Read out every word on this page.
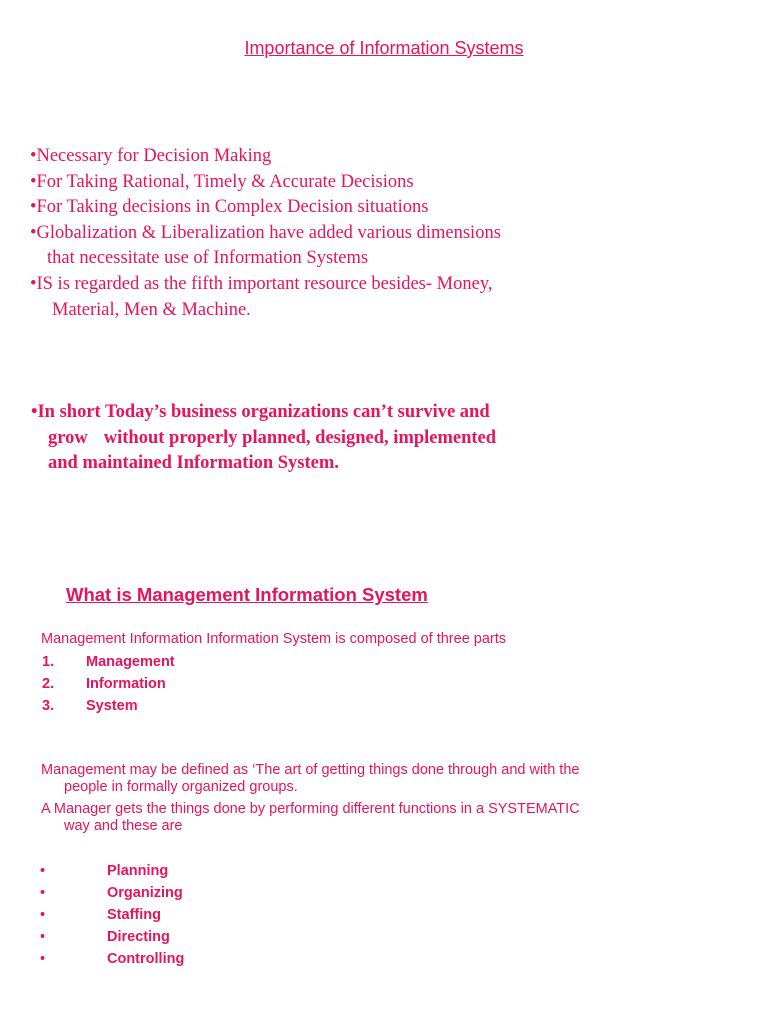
Importance of Information Systems
•Necessary for Decision Making
•For Taking Rational, Timely & Accurate Decisions
•For Taking decisions in Complex Decision situations
•Globalization & Liberalization have added various dimensions
that necessitate use of Information Systems
•IS is regarded as the fifth important resource besides- Money,
Material, Men & Machine.
•In short Today’s business organizations can’t survive and
grow without properly planned, designed, implemented
and maintained Information System.
What is Management Information System
Management Information Information System is composed of three parts
1. Management
2. Information
3. System
Management may be defined as ‘The art of getting things done through and with the
people in formally organized groups.
A Manager gets the things done by performing different functions in a SYSTEMATIC
way and these are
•	Planning
•	Organizing
•	Staffing
•	Directing
•	Controlling
